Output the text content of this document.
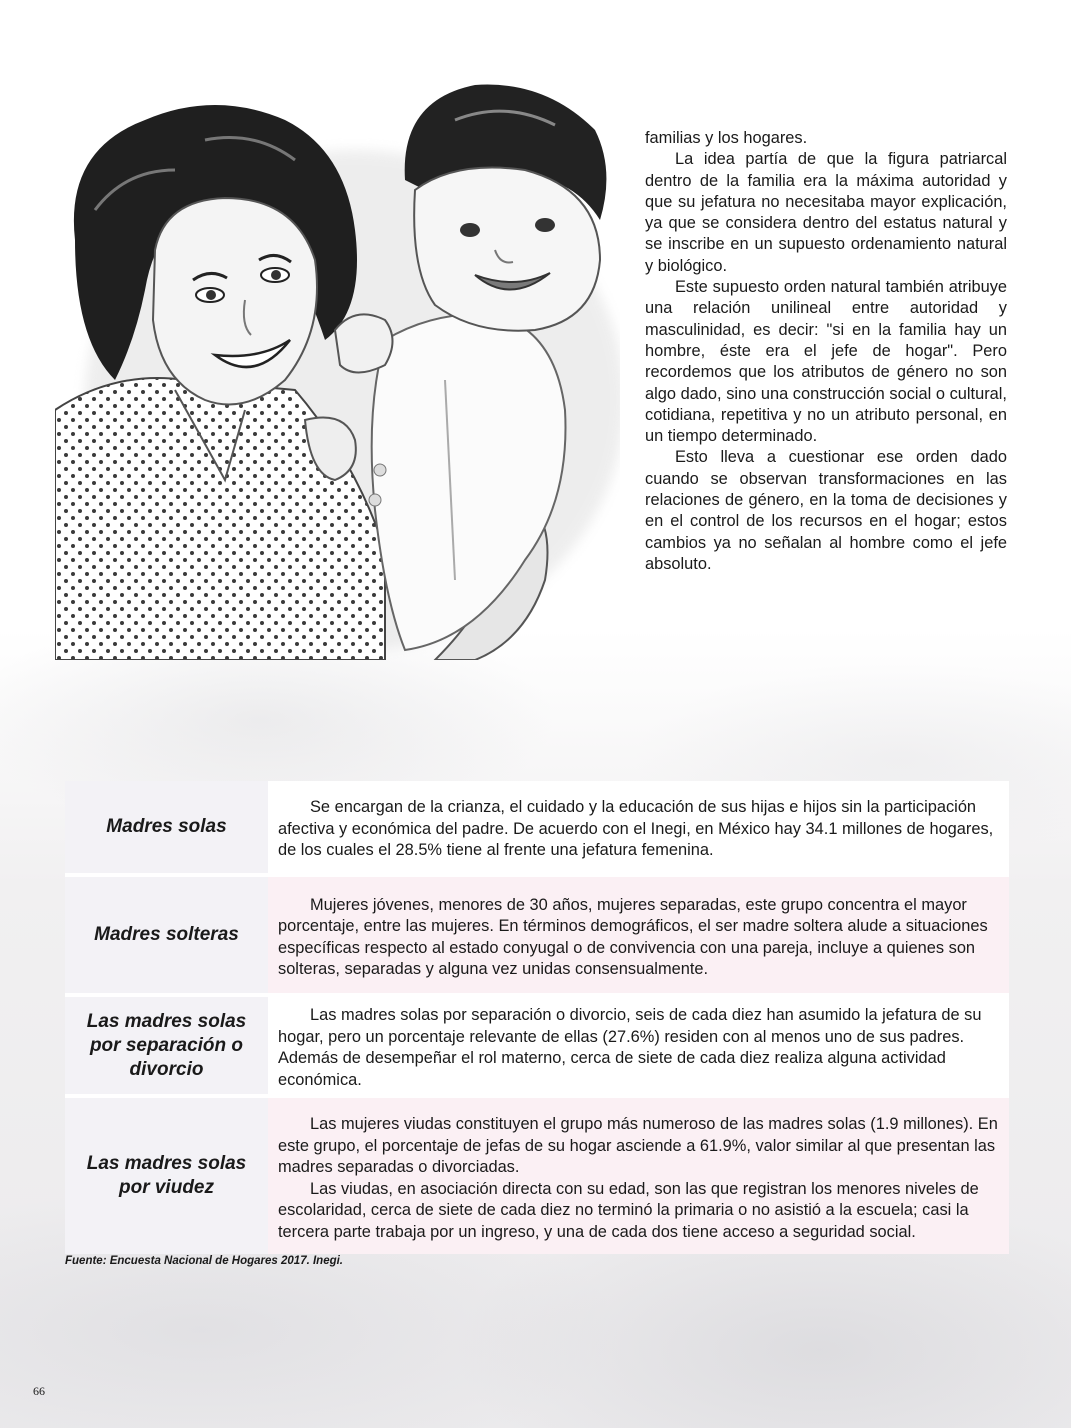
familias y los hogares.

La idea partía de que la figura patriarcal dentro de la familia era la máxima autoridad y que su jefatura no necesitaba mayor explicación, ya que se considera dentro del estatus natural y se inscribe en un supuesto ordenamiento natural y biológico.

Este supuesto orden natural también atribuye una relación unilineal entre autoridad y masculinidad, es decir: "si en la familia hay un hombre, éste era el jefe de hogar". Pero recordemos que los atributos de género no son algo dado, sino una construcción social o cultural, cotidiana, repetitiva y no un atributo personal, en un tiempo determinado.

Esto lleva a cuestionar ese orden dado cuando se observan transformaciones en las relaciones de género, en la toma de decisiones y en el control de los recursos en el hogar; estos cambios ya no señalan al hombre como el jefe absoluto.

Madres solas	Se encargan de la crianza, el cuidado y la educación de sus hijas e hijos sin la participación afectiva y económica del padre. De acuerdo con el Inegi, en México hay 34.1 millones de hogares, de los cuales el 28.5% tiene al frente una jefatura femenina.

Madres solteras	Mujeres jóvenes, menores de 30 años, mujeres separadas, este grupo concentra el mayor porcentaje, entre las mujeres. En términos demográficos, el ser madre soltera alude a situaciones específicas respecto al estado conyugal o de convivencia con una pareja, incluye a quienes son solteras, separadas y alguna vez unidas consensualmente.

Las madres solas por separación o divorcio	Las madres solas por separación o divorcio, seis de cada diez han asumido la jefatura de su hogar, pero un porcentaje relevante de ellas (27.6%) residen con al menos uno de sus padres. Además de desempeñar el rol materno, cerca de siete de cada diez realiza alguna actividad económica.

Las madres solas por viudez	Las mujeres viudas constituyen el grupo más numeroso de las madres solas (1.9 millones). En este grupo, el porcentaje de jefas de su hogar asciende a 61.9%, valor similar al que presentan las madres separadas o divorciadas.

Las viudas, en asociación directa con su edad, son las que registran los menores niveles de escolaridad, cerca de siete de cada diez no terminó la primaria o no asistió a la escuela; casi la tercera parte trabaja por un ingreso, y una de cada dos tiene acceso a seguridad social.

Fuente: Encuesta Nacional de Hogares 2017. Inegi.
66
